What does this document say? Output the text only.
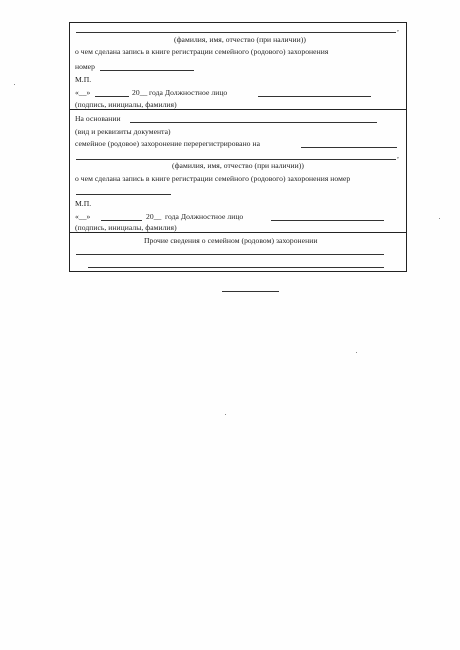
,
(фамилия, имя, отчество (при наличии))
о чем сделана запись в книге регистрации семейного (родового) захоронения
номер
М.П.
«__»	20__ года Должностное лицо
(подпись, инициалы, фамилия)
На основании
(вид и реквизиты документа)
семейное (родовое) захоронение перерегистрировано на
,
(фамилия, имя, отчество (при наличии))
о чем сделана запись в книге регистрации семейного (родового) захоронения номер
М.П.
«__»	20__ года Должностное лицо
(подпись, инициалы, фамилия)
Прочие сведения о семейном (родовом) захоронении
